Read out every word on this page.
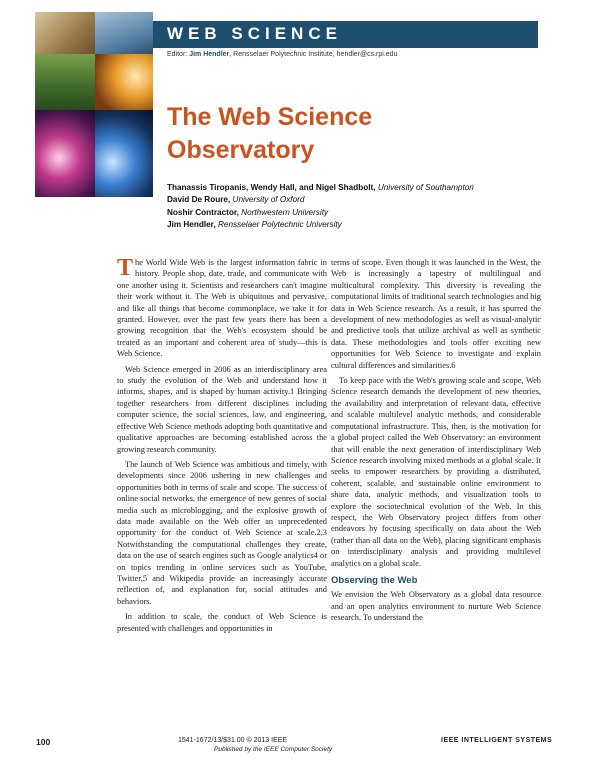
WEB SCIENCE
Editor: Jim Hendler, Rensselaer Polytechnic Institute, hendler@cs.rpi.edu
The Web Science Observatory
Thanassis Tiropanis, Wendy Hall, and Nigel Shadbolt, University of Southampton
David De Roure, University of Oxford
Noshir Contractor, Northwestern University
Jim Hendler, Rensselaer Polytechnic University

The World Wide Web is the largest information fabric in history. People shop, date, trade, and communicate with one another using it. Scientists and researchers can't imagine their work without it. The Web is ubiquitous and pervasive, and like all things that become commonplace, we take it for granted. However, over the past few years there has been a growing recognition that the Web's ecosystem should be treated as an important and coherent area of study—this is Web Science.

Web Science emerged in 2006 as an interdisciplinary area to study the evolution of the Web and understand how it informs, shapes, and is shaped by human activity.1 Bringing together researchers from different disciplines including computer science, the social sciences, law, and engineering, effective Web Science methods adopting both quantitative and qualitative approaches are becoming established across the growing research community.

The launch of Web Science was ambitious and timely, with developments since 2006 ushering in new challenges and opportunities both in terms of scale and scope. The success of online social networks, the emergence of new genres of social media such as microblogging, and the explosive growth of data made available on the Web offer an unprecedented opportunity for the conduct of Web Science at scale.2,3 Notwithstanding the computational challenges they create, data on the use of search engines such as Google analytics4 or on topics trending in online services such as YouTube, Twitter,5 and Wikipedia provide an increasingly accurate reflection of, and explanation for, social attitudes and behaviors.

In addition to scale, the conduct of Web Science is presented with challenges and opportunities in

terms of scope. Even though it was launched in the West, the Web is increasingly a tapestry of multilingual and multicultural complexity. This diversity is revealing the computational limits of traditional search technologies and big data in Web Science research. As a result, it has spurred the development of new methodologies as well as visual-analytic and predictive tools that utilize archival as well as synthetic data. These methodologies and tools offer exciting new opportunities for Web Science to investigate and explain cultural differences and similarities.6

To keep pace with the Web's growing scale and scope, Web Science research demands the development of new theories, the availability and interpretation of relevant data, effective and scalable multilevel analytic methods, and considerable computational infrastructure. This, then, is the motivation for a global project called the Web Observatory: an environment that will enable the next generation of interdisciplinary Web Science research involving mixed methods at a global scale. It seeks to empower researchers by providing a distributed, coherent, scalable, and sustainable online environment to share data, analytic methods, and visualization tools to explore the sociotechnical evolution of the Web. In this respect, the Web Observatory project differs from other endeavors by focusing specifically on data about the Web (rather than all data on the Web), placing significant emphasis on interdisciplinary analysis and providing multilevel analytics on a global scale.

Observing the Web

We envision the Web Observatory as a global data resource and an open analytics environment to nurture Web Science research. To understand the

100	1541-1672/13/$31.00 © 2013 IEEE
Published by the IEEE Computer Society
IEEE INTELLIGENT SYSTEMS
